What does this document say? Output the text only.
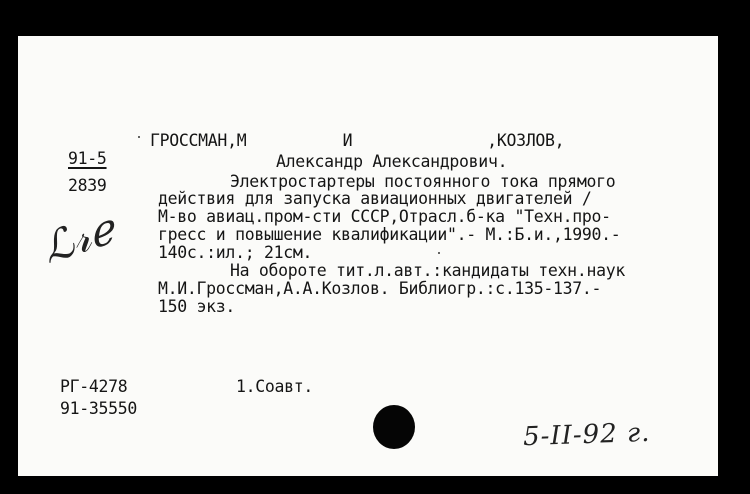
91-5
2839
ГРОССМАН,М          И              ,КОЗЛОВ,
Александр Александрович.
Электростартеры постоянного тока прямого
действия для запуска авиационных двигателей /
М-во авиац.пром-сти СССР,Отрасл.б-ка "Техн.про-
гресс и повышение квалификации".- М.:Б.и.,1990.-
140с.:ил.; 21см.
На обороте тит.л.авт.:кандидаты техн.наук
М.И.Гроссман,А.А.Козлов. Библиогр.:с.135-137.-
150 экз.
РГ-4278
91-35550
1.Соавт.
ℒ𝓇ℯ
5-II-92 г.
